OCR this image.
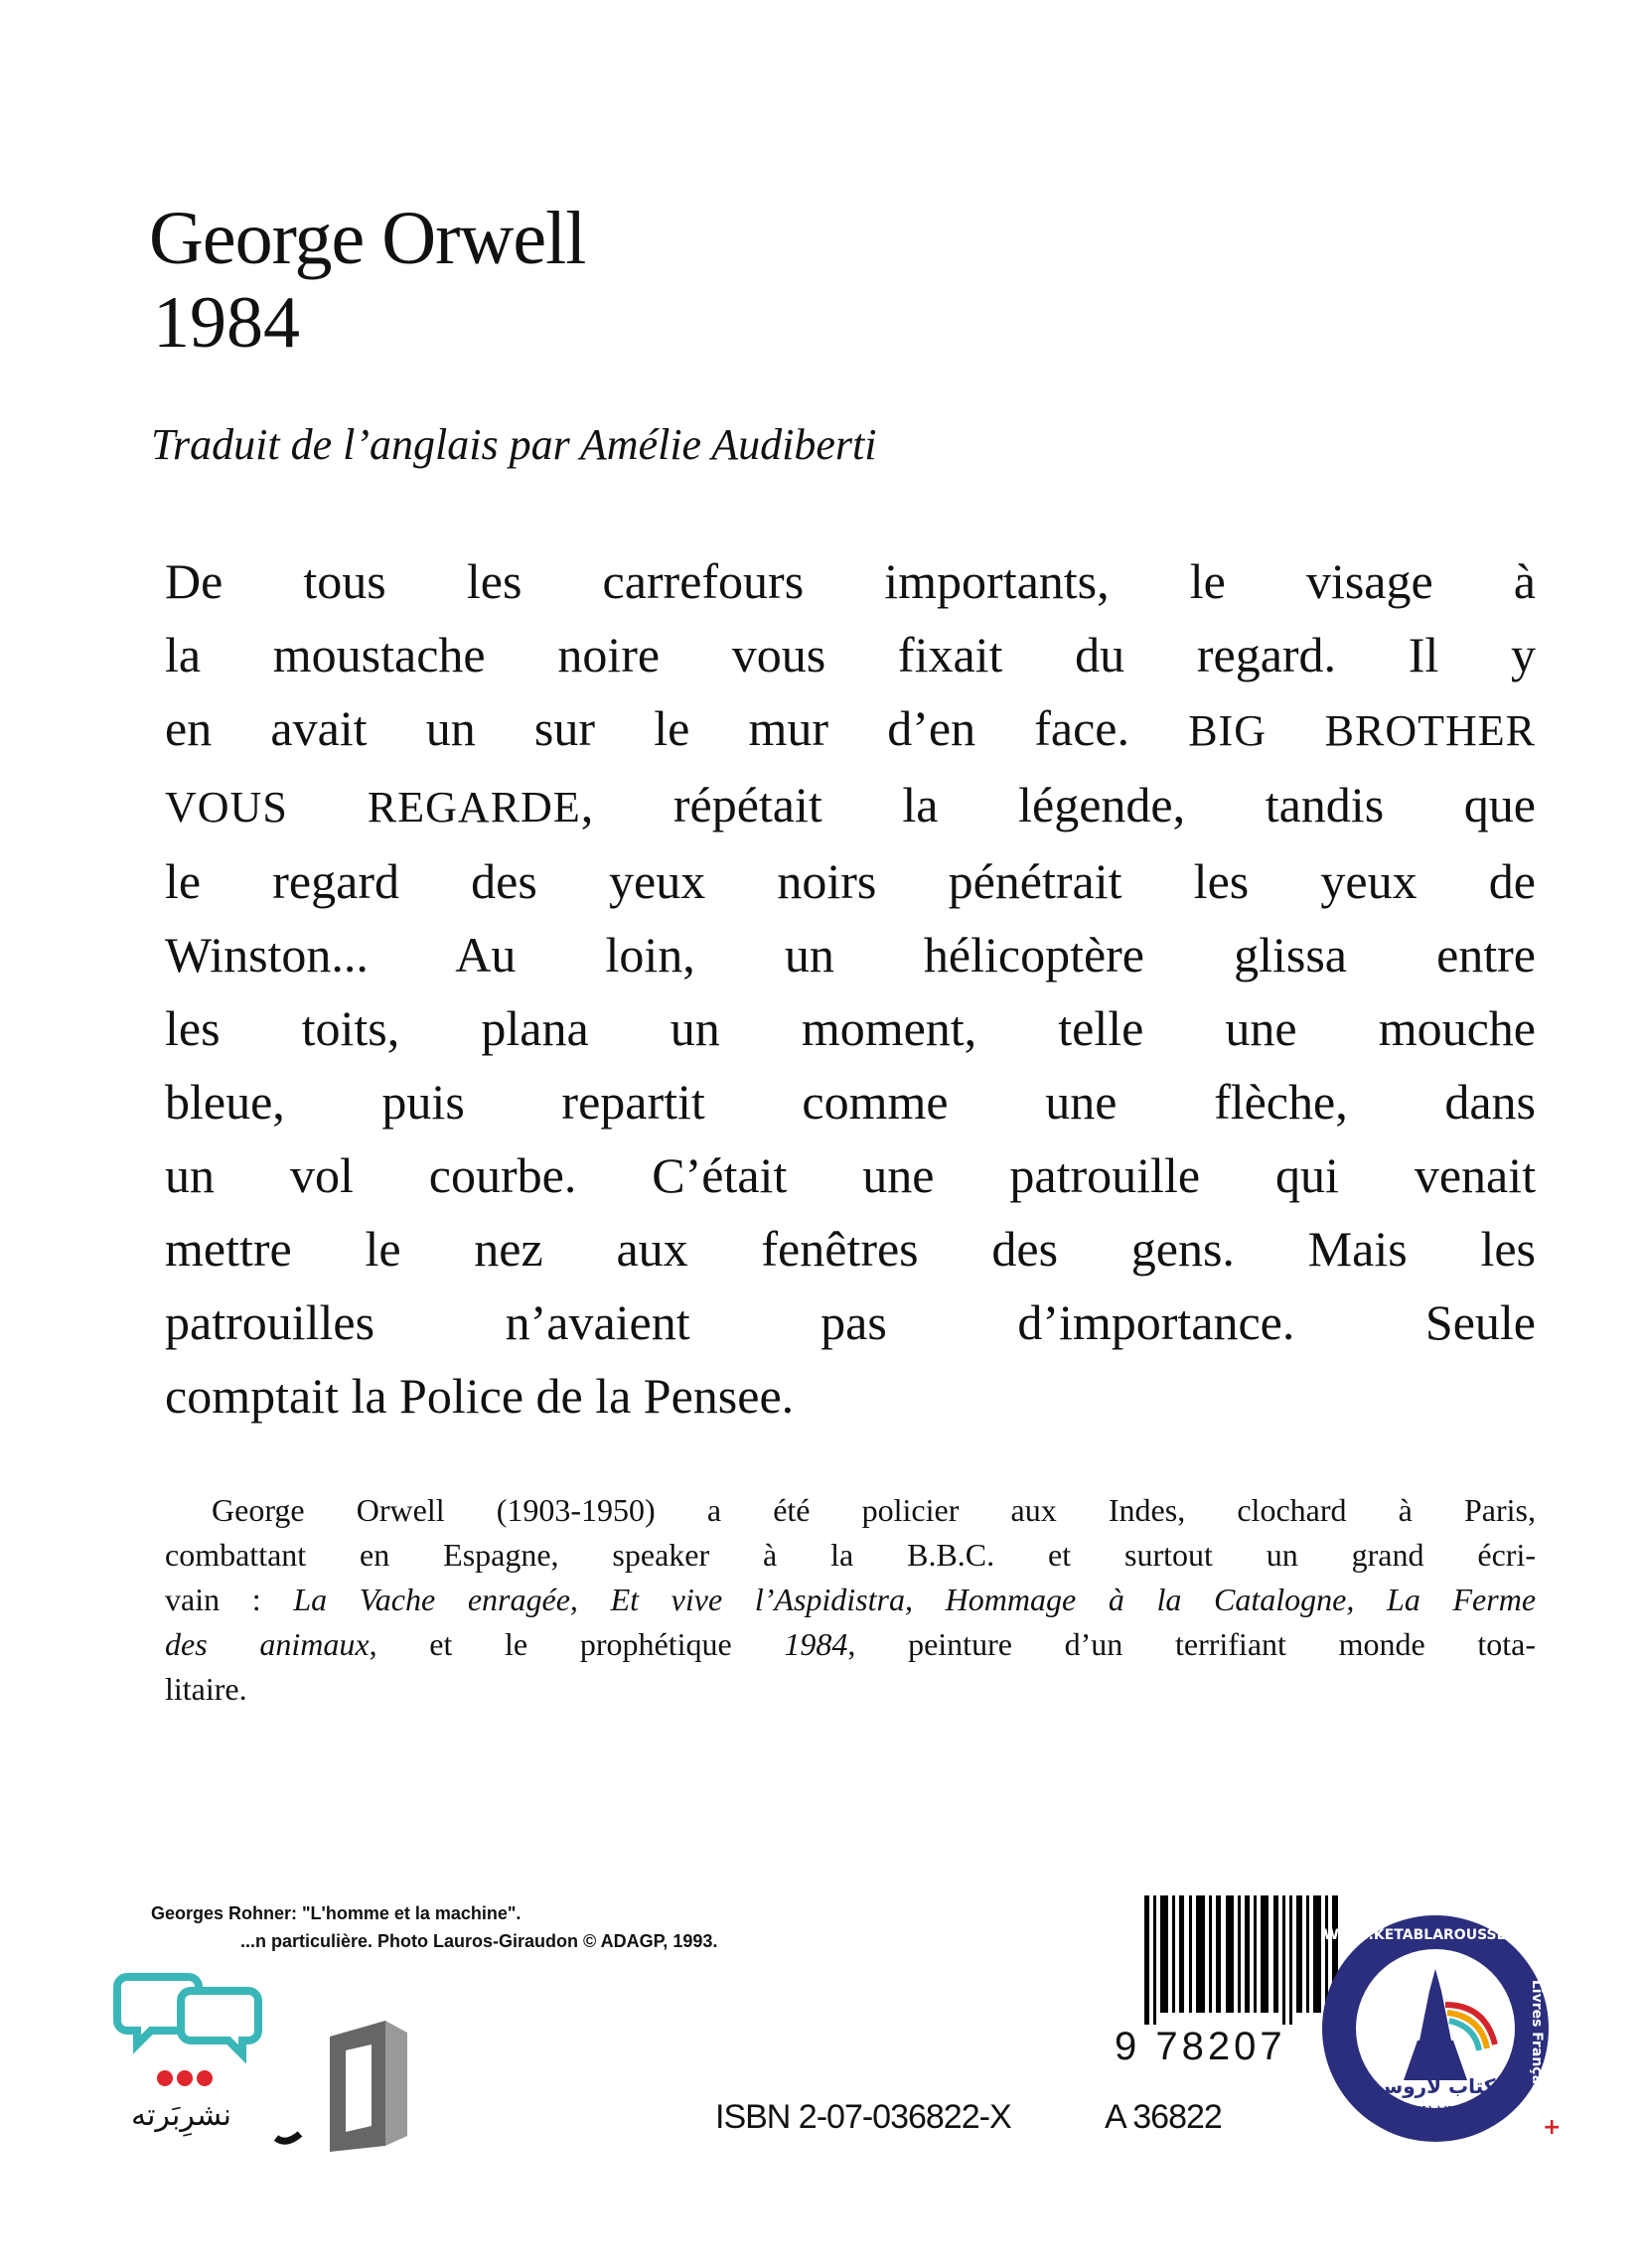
George Orwell
1984
Traduit de l’anglais par Amélie Audiberti
De tous les carrefours importants, le visage à
la moustache noire vous fixait du regard. Il y
en avait un sur le mur d’en face. BIG BROTHER
VOUS REGARDE, répétait la légende, tandis que
le regard des yeux noirs pénétrait les yeux de
Winston... Au loin, un hélicoptère glissa entre
les toits, plana un moment, telle une mouche
bleue, puis repartit comme une flèche, dans
un vol courbe. C’était une patrouille qui venait
mettre le nez aux fenêtres des gens. Mais les
patrouilles n’avaient pas d’importance. Seule
comptait la Police de la Pensee.
George Orwell (1903-1950) a été policier aux Indes, clochard à Paris,
combattant en Espagne, speaker à la B.B.C. et surtout un grand écri-
vain : La Vache enragée, Et vive l’Aspidistra, Hommage à la Catalogne, La Ferme
des animaux, et le prophétique 1984, peinture d’un terrifiant monde tota-
litaire.
Georges Rohner: "L'homme et la machine".
...n particulière. Photo Lauros-Giraudon © ADAGP, 1993.
9 78207
ISBN 2-07-036822-X	A 36822
نشرِبَرته
کتاب لاروس
۶۶۴۱۱۴۸۷
WWW.KETABLAROUSSE.COM
Livres Français
+
